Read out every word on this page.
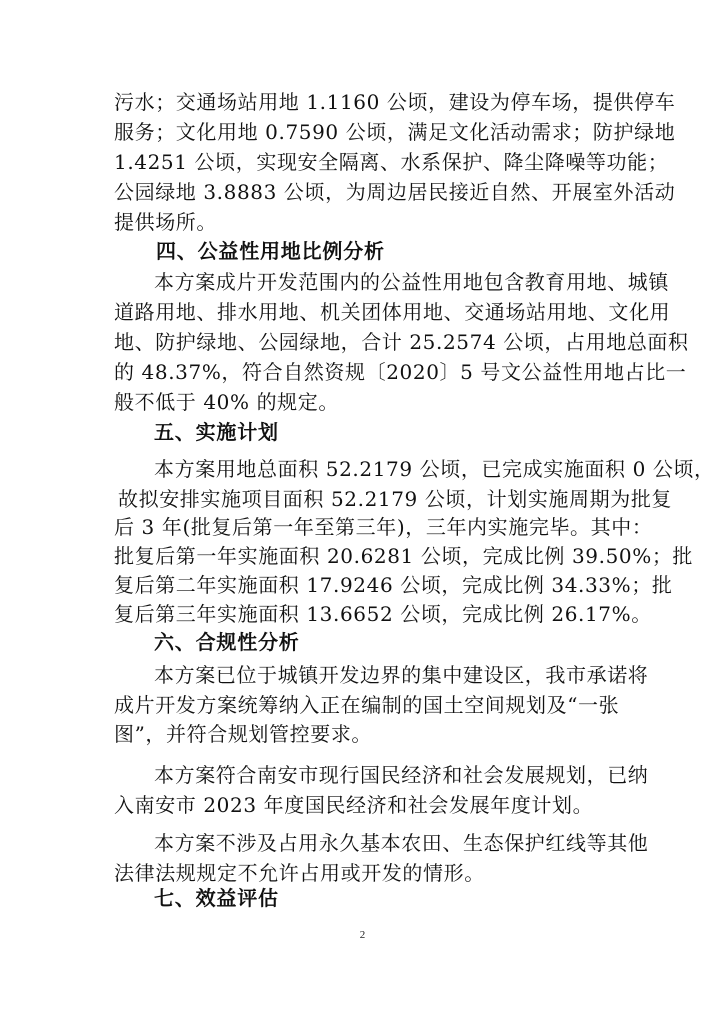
污水；交通场站用地 1.1160 公顷，建设为停车场，提供停车
服务；文化用地 0.7590 公顷，满足文化活动需求；防护绿地
1.4251 公顷，实现安全隔离、水系保护、降尘降噪等功能；
公园绿地 3.8883 公顷，为周边居民接近自然、开展室外活动
提供场所。
四、公益性用地比例分析
本方案成片开发范围内的公益性用地包含教育用地、城镇
道路用地、排水用地、机关团体用地、交通场站用地、文化用
地、防护绿地、公园绿地，合计 25.2574 公顷，占用地总面积
的 48.37%，符合自然资规〔2020〕5 号文公益性用地占比一
般不低于 40% 的规定。
五、实施计划
本方案用地总面积 52.2179 公顷，已完成实施面积 0 公顷，
故拟安排实施项目面积 52.2179 公顷，计划实施周期为批复
后 3 年(批复后第一年至第三年)，三年内实施完毕。其中：
批复后第一年实施面积 20.6281 公顷，完成比例 39.50%；批
复后第二年实施面积 17.9246 公顷，完成比例 34.33%；批
复后第三年实施面积 13.6652 公顷，完成比例 26.17%。
六、合规性分析
本方案已位于城镇开发边界的集中建设区，我市承诺将
成片开发方案统筹纳入正在编制的国土空间规划及“一张
图”，并符合规划管控要求。
本方案符合南安市现行国民经济和社会发展规划，已纳
入南安市 2023 年度国民经济和社会发展年度计划。
本方案不涉及占用永久基本农田、生态保护红线等其他
法律法规规定不允许占用或开发的情形。
七、效益评估
2
